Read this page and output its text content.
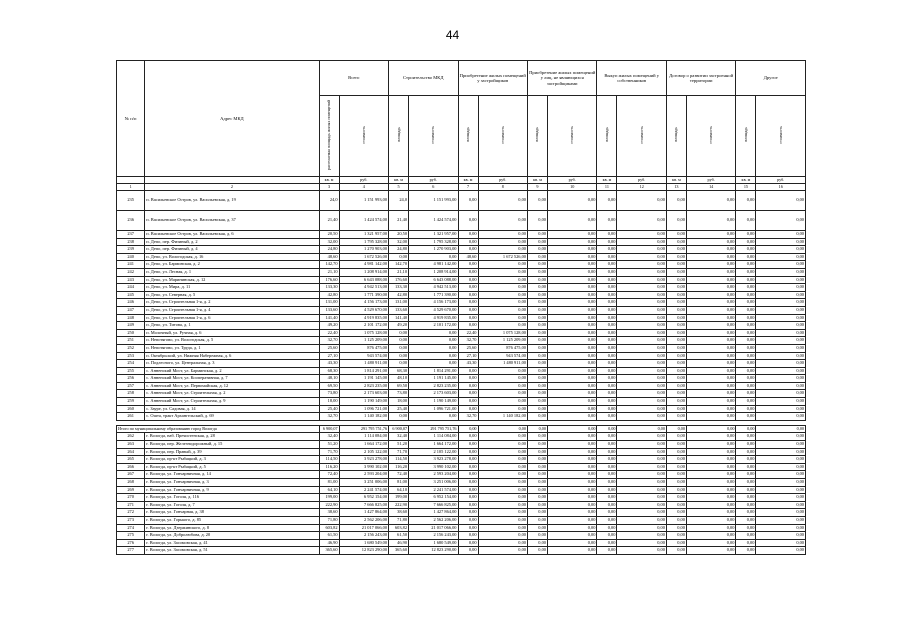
44
№ п/п	Адрес МКД	Всего		Строительство МКД		Приобретение жилых помещений у застройщиков		Приобретение жилых помещений у лиц, не являющихся застройщиками		Выкуп жилых помещений у собственников		Договор о развитии застроенной территории		Другое	
		расселяемая площадь жилых помещений	стоимость	площадь	стоимость	площадь	стоимость	площадь	стоимость	площадь	стоимость	площадь	стоимость	площадь	стоимость
		кв. м	руб.	кв. м	руб.	кв. м	руб.	кв. м	руб.	кв. м	руб.	кв. м	руб.	кв. м	руб.
1	2	3	4	5	6	7	8	9	10	11	12	13	14	15	16
235	п. Васильевское Остров, ул. Васильевская, д. 19	24,0	1 151 993,00	24,0	1 151 993,00	0,00	0,00	0,00	0,00	0,00	0,00	0,00	0,00	0,00	0,00
236	п. Васильевское Остров, ул. Васильевская, д. 37	21,40	1 424 574,00	21,40	1 424 574,00	0,00	0,00	0,00	0,00	0,00	0,00	0,00	0,00	0,00	0,00
237	п. Васильевское Остров, ул. Васильевская, д. 6	20,50	1 321 957,00	20,50	1 321 957,00	0,00	0,00	0,00	0,00	0,00	0,00	0,00	0,00	0,00	0,00
238	п. Депо, пер. Физиный, д. 2	32,00	1 795 328,00	32,00	1 795 328,00	0,00	0,00	0,00	0,00	0,00	0,00	0,00	0,00	0,00	0,00
239	п. Депо, пер. Физиный, д. 4	24,80	1 270 903,00	24,80	1 270 903,00	0,00	0,00	0,00	0,00	0,00	0,00	0,00	0,00	0,00	0,00
240	п. Депо, ул. Вологодская, д. 16	48,60	1 672 526,00	0,00	0,00	48,60	1 672 526,00	0,00	0,00	0,00	0,00	0,00	0,00	0,00	0,00
241	п. Депо, ул. Барминская, д. 2	142,70	4 981 142,00	142,70	4 981 142,00	0,00	0,00	0,00	0,00	0,00	0,00	0,00	0,00	0,00	0,00
242	п. Депо, ул. Лесная, д. 1	21,10	1 208 914,00	21,10	1 208 914,00	0,00	0,00	0,00	0,00	0,00	0,00	0,00	0,00	0,00	0,00
243	п. Депо, ул. Марининская, д. 12	176,60	6 643 088,00	176,60	6 643 088,00	0,00	0,00	0,00	0,00	0,00	0,00	0,00	0,00	0,00	0,00
244	п. Депо, ул. Мира, д. 11	133,30	4 942 513,00	133,30	4 942 513,00	0,00	0,00	0,00	0,00	0,00	0,00	0,00	0,00	0,00	0,00
245	п. Депо, ул. Северная, д. 5	42,80	1 771 390,00	42,80	1 771 390,00	0,00	0,00	0,00	0,00	0,00	0,00	0,00	0,00	0,00	0,00
246	п. Депо, ул. Строительная 1-я, д. 2	131,00	4 156 173,00	131,00	4 156 173,00	0,00	0,00	0,00	0,00	0,00	0,00	0,00	0,00	0,00	0,00
247	п. Депо, ул. Строительная 1-я, д. 4	133,60	4 529 670,00	133,60	4 529 670,00	0,00	0,00	0,00	0,00	0,00	0,00	0,00	0,00	0,00	0,00
248	п. Депо, ул. Строительная 1-я, д. 6	141,40	4 919 835,00	141,40	4 919 835,00	0,00	0,00	0,00	0,00	0,00	0,00	0,00	0,00	0,00	0,00
249	п. Депо, ул. Титова, д. 1	49,20	2 101 172,00	49,20	2 101 172,00	0,00	0,00	0,00	0,00	0,00	0,00	0,00	0,00	0,00	0,00
250	п. Молочный, ул. Ручная, д. 6	22,40	1 075 128,00	0,00	0,00	22,40	1 075 128,00	0,00	0,00	0,00	0,00	0,00	0,00	0,00	0,00
251	п. Непотягово, ул. Вологодская, д. 5	32,70	1 125 209,00	0,00	0,00	32,70	1 125 209,00	0,00	0,00	0,00	0,00	0,00	0,00	0,00	0,00
252	п. Непотягово, ул. Труда, д. 1	25,60	876 475,00	0,00	0,00	25,60	876 475,00	0,00	0,00	0,00	0,00	0,00	0,00	0,00	0,00
253	п. Октябрьский, ул. Нижняя Набережная, д. 6	27,10	943 574,00	0,00	0,00	27,10	943 574,00	0,00	0,00	0,00	0,00	0,00	0,00	0,00	0,00
254	п. Подлесного, ул. Центральная, д. 3	43,30	1 480 911,00	0,00	0,00	43,30	1 480 911,00	0,00	0,00	0,00	0,00	0,00	0,00	0,00	0,00
255	с. Анненский Мост, ул. Барминская, д. 2	68,30	1 814 291,00	68,30	1 814 291,00	0,00	0,00	0,00	0,00	0,00	0,00	0,00	0,00	0,00	0,00
256	с. Анненский Мост, ул. Кооперативная, д. 7	48,10	1 191 145,00	48,10	1 191 145,00	0,00	0,00	0,00	0,00	0,00	0,00	0,00	0,00	0,00	0,00
257	с. Анненский Мост, ул. Первомайская, д. 12	69,50	2 823 235,00	69,50	2 823 235,00	0,00	0,00	0,00	0,00	0,00	0,00	0,00	0,00	0,00	0,00
258	с. Анненский Мост, ул. Строительная, д. 2	73,80	2 173 603,00	73,80	2 173 603,00	0,00	0,00	0,00	0,00	0,00	0,00	0,00	0,00	0,00	0,00
259	с. Анненский Мост, ул. Строительная, д. 9	18,00	1 190 149,00	18,00	1 190 149,00	0,00	0,00	0,00	0,00	0,00	0,00	0,00	0,00	0,00	0,00
260	с. Зауре, ул. Садовая, д. 14	25,40	1 096 721,00	25,40	1 096 721,00	0,00	0,00	0,00	0,00	0,00	0,00	0,00	0,00	0,00	0,00
261	с. Ошта, тракт Архангельский, д. 69	32,70	1 140 182,00	0,00	0,00	32,70	1 140 182,00	0,00	0,00	0,00	0,00	0,00	0,00	0,00	0,00

Итого по муниципальному образованию город Вологда		6 900,07	291 795 751,76	6 900,07	291 795 751,76	0,00	0,00	0,00	0,00	0,00	0,00	0,00	0,00	0,00	0,00
262	г. Вологда, наб. Пречистенская, д. 28	32,40	1 114 084,00	32,40	1 114 084,00	0,00	0,00	0,00	0,00	0,00	0,00	0,00	0,00	0,00	0,00
263	г. Вологда, пер. Железнодорожный, д. 15	51,20	1 664 172,00	51,20	1 664 172,00	0,00	0,00	0,00	0,00	0,00	0,00	0,00	0,00	0,00	0,00
264	г. Вологда, пер. Правый, д. 39	71,70	2 105 122,00	71,70	2 105 122,00	0,00	0,00	0,00	0,00	0,00	0,00	0,00	0,00	0,00	0,00
265	г. Вологда, пр-кт Рыбацкий, д. 3	114,50	3 923 278,00	114,50	3 923 278,00	0,00	0,00	0,00	0,00	0,00	0,00	0,00	0,00	0,00	0,00
266	г. Вологда, пр-кт Рыбацкий, д. 5	116,20	3 990 102,00	116,20	3 990 102,00	0,00	0,00	0,00	0,00	0,00	0,00	0,00	0,00	0,00	0,00
267	г. Вологда, ул. Гончарничная, д. 14	72,40	2 593 204,00	72,40	2 593 204,00	0,00	0,00	0,00	0,00	0,00	0,00	0,00	0,00	0,00	0,00
268	г. Вологда, ул. Гончарничная, д. 3	81,00	3 251 006,00	81,00	3 251 006,00	0,00	0,00	0,00	0,00	0,00	0,00	0,00	0,00	0,00	0,00
269	г. Вологда, ул. Гончарничная, д. 9	64,10	2 241 574,00	64,10	2 241 574,00	0,00	0,00	0,00	0,00	0,00	0,00	0,00	0,00	0,00	0,00
270	г. Вологда, ул. Гоголя, д. 116	199,00	6 952 154,00	199,00	6 952 154,00	0,00	0,00	0,00	0,00	0,00	0,00	0,00	0,00	0,00	0,00
271	г. Вологда, ул. Гоголя, д. 7	222,90	7 666 825,00	222,90	7 666 825,00	0,00	0,00	0,00	0,00	0,00	0,00	0,00	0,00	0,00	0,00
272	г. Вологда, ул. Гончарная, д. 38	38,60	1 427 864,00	38,60	1 427 864,00	0,00	0,00	0,00	0,00	0,00	0,00	0,00	0,00	0,00	0,00
273	г. Вологда, ул. Горького, д. 85	71,80	2 562 206,00	71,80	2 562 206,00	0,00	0,00	0,00	0,00	0,00	0,00	0,00	0,00	0,00	0,00
274	г. Вологда, ул. Дзержинского, д. 8	603,82	21 017 066,00	603,82	21 017 066,00	0,00	0,00	0,00	0,00	0,00	0,00	0,00	0,00	0,00	0,00
275	г. Вологда, ул. Добролюбова, д. 20	61,50	2 156 243,00	61,50	2 156 243,00	0,00	0,00	0,00	0,00	0,00	0,00	0,00	0,00	0,00	0,00
276	г. Вологда, ул. Засомовская, д. 41	46,90	1 680 549,00	46,90	1 680 549,00	0,00	0,00	0,00	0,00	0,00	0,00	0,00	0,00	0,00	0,00
277	г. Вологда, ул. Засомовская, д. 51	365,60	12 823 290,00	365,60	12 823 290,00	0,00	0,00	0,00	0,00	0,00	0,00	0,00	0,00	0,00	0,00
